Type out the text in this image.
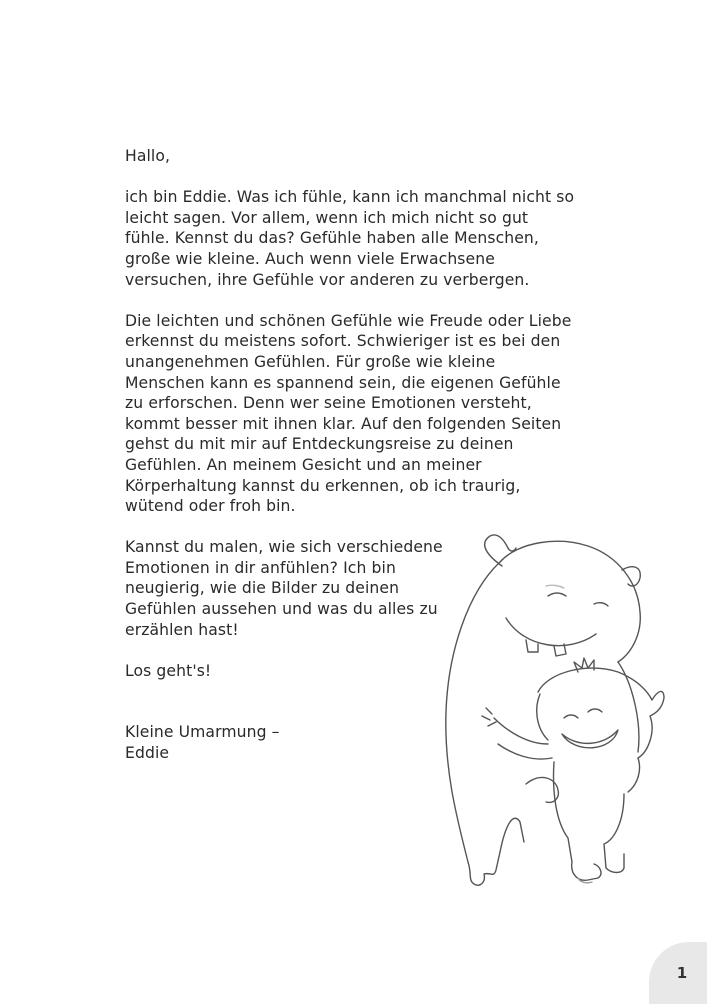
Hallo,

ich bin Eddie. Was ich fühle, kann ich manchmal nicht so leicht sagen. Vor allem, wenn ich mich nicht so gut fühle. Kennst du das? Gefühle haben alle Menschen, große wie kleine. Auch wenn viele Erwachsene versuchen, ihre Gefühle vor anderen zu verbergen.

Die leichten und schönen Gefühle wie Freude oder Liebe erkennst du meistens sofort. Schwieriger ist es bei den unangenehmen Gefühlen. Für große wie kleine Menschen kann es spannend sein, die eigenen Gefühle zu erforschen. Denn wer seine Emotionen versteht, kommt besser mit ihnen klar. Auf den folgenden Seiten gehst du mit mir auf Entdeckungsreise zu deinen Gefühlen. An meinem Gesicht und an meiner Körperhaltung kannst du erkennen, ob ich traurig, wütend oder froh bin.

Kannst du malen, wie sich verschiedene Emotionen in dir anfühlen? Ich bin neugierig, wie die Bilder zu deinen Gefühlen aussehen und was du alles zu erzählen hast!

Los geht's!

Kleine Umarmung –
Eddie
1
